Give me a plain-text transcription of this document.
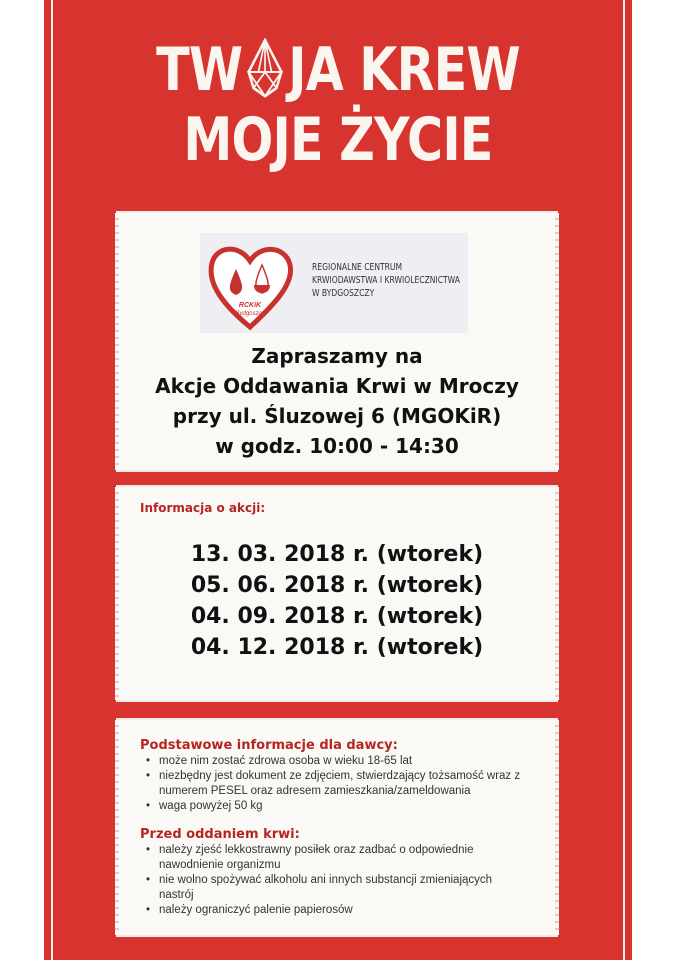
TW JA KREW
MOJE ŻYCIE
RCKiK
Bydgoszcz
REGIONALNE CENTRUM
KRWIODAWSTWA I KRWIOLECZNICTWA
W BYDGOSZCZY
Zapraszamy na
Akcje Oddawania Krwi w Mroczy
przy ul. Śluzowej 6 (MGOKiR)
w godz. 10:00 - 14:30
Informacja o akcji:
13. 03. 2018 r. (wtorek)
05. 06. 2018 r. (wtorek)
04. 09. 2018 r. (wtorek)
04. 12. 2018 r. (wtorek)
Podstawowe informacje dla dawcy:
• może nim zostać zdrowa osoba w wieku 18-65 lat
• niezbędny jest dokument ze zdjęciem, stwierdzający tożsamość wraz z numerem PESEL oraz adresem zamieszkania/zameldowania
• waga powyżej 50 kg
Przed oddaniem krwi:
• należy zjeść lekkostrawny posiłek oraz zadbać o odpowiednie nawodnienie organizmu
• nie wolno spożywać alkoholu ani innych substancji zmieniających nastrój
• należy ograniczyć palenie papierosów
